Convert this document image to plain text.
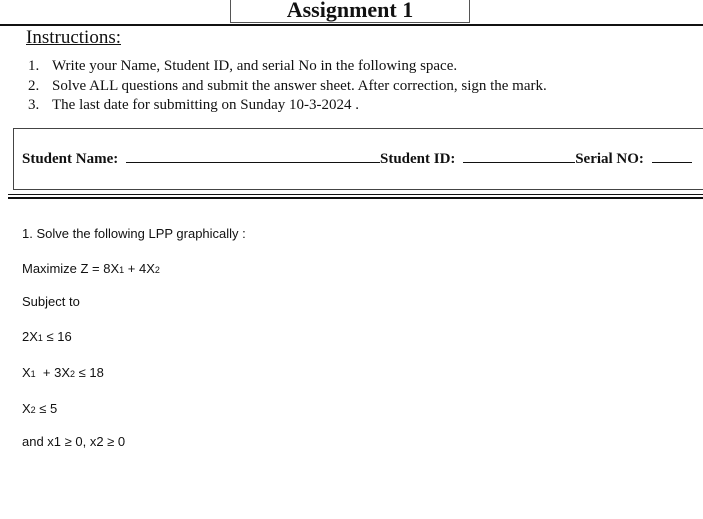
Assignment 1
Instructions:
1. Write your Name, Student ID, and serial No in the following space.
2. Solve ALL questions and submit the answer sheet. After correction, sign the mark.
3. The last date for submitting on Sunday 10-3-2024 .
Student Name:	Student ID:	Serial NO:
1. Solve the following LPP graphically :
Maximize Z = 8X1 + 4X2
Subject to
2X1 ≤ 16
X1  + 3X2 ≤ 18
X2 ≤ 5
and x1 ≥ 0, x2 ≥ 0
